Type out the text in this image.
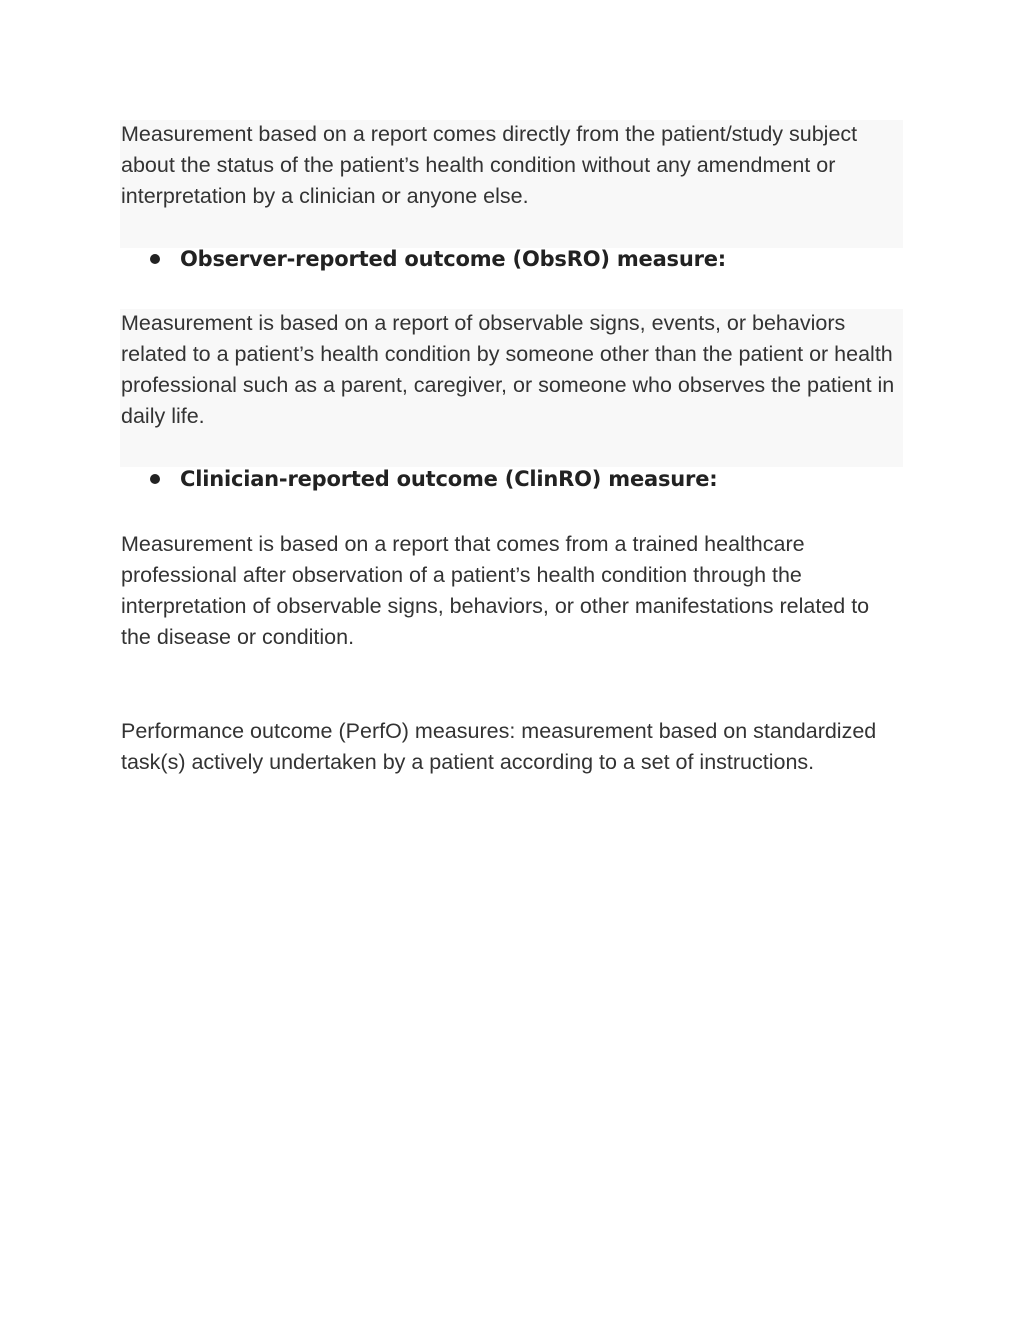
Measurement based on a report comes directly from the patient/study subject about the status of the patient’s health condition without any amendment or interpretation by a clinician or anyone else.

Observer-reported outcome (ObsRO) measure:

Measurement is based on a report of observable signs, events, or behaviors related to a patient’s health condition by someone other than the patient or health professional such as a parent, caregiver, or someone who observes the patient in daily life.

Clinician-reported outcome (ClinRO) measure:

Measurement is based on a report that comes from a trained healthcare professional after observation of a patient’s health condition through the interpretation of observable signs, behaviors, or other manifestations related to the disease or condition.

Performance outcome (PerfO) measures: measurement based on standardized task(s) actively undertaken by a patient according to a set of instructions.
